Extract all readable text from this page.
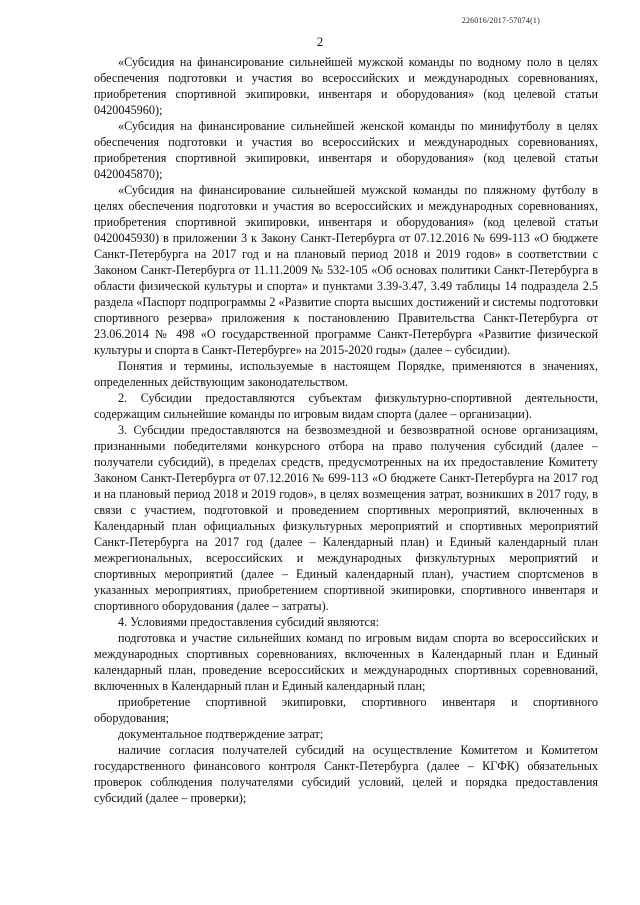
226016/2017-57074(1)
2

«Субсидия на финансирование сильнейшей мужской команды по водному поло в целях обеспечения подготовки и участия во всероссийских и международных соревнованиях, приобретения спортивной экипировки, инвентаря и оборудования» (код целевой статьи 0420045960);

«Субсидия на финансирование сильнейшей женской команды по минифутболу в целях обеспечения подготовки и участия во всероссийских и международных соревнованиях, приобретения спортивной экипировки, инвентаря и оборудования» (код целевой статьи 0420045870);

«Субсидия на финансирование сильнейшей мужской команды по пляжному футболу в целях обеспечения подготовки и участия во всероссийских и международных соревнованиях, приобретения спортивной экипировки, инвентаря и оборудования» (код целевой статьи 0420045930) в приложении 3 к Закону Санкт-Петербурга от 07.12.2016 № 699-113 «О бюджете Санкт-Петербурга на 2017 год и на плановый период 2018 и 2019 годов» в соответствии с Законом Санкт-Петербурга от 11.11.2009 № 532-105 «Об основах политики Санкт-Петербурга в области физической культуры и спорта» и пунктами 3.39-3.47, 3.49 таблицы 14 подраздела 2.5 раздела «Паспорт подпрограммы 2 «Развитие спорта высших достижений и системы подготовки спортивного резерва» приложения к постановлению Правительства Санкт-Петербурга от 23.06.2014 № 498 «О государственной программе Санкт-Петербурга «Развитие физической культуры и спорта в Санкт-Петербурге» на 2015-2020 годы» (далее – субсидии).

Понятия и термины, используемые в настоящем Порядке, применяются в значениях, определенных действующим законодательством.

2. Субсидии предоставляются субъектам физкультурно-спортивной деятельности, содержащим сильнейшие команды по игровым видам спорта (далее – организации).

3. Субсидии предоставляются на безвозмездной и безвозвратной основе организациям, признанными победителями конкурсного отбора на право получения субсидий (далее – получатели субсидий), в пределах средств, предусмотренных на их предоставление Комитету Законом Санкт-Петербурга от 07.12.2016 № 699-113 «О бюджете Санкт-Петербурга на 2017 год и на плановый период 2018 и 2019 годов», в целях возмещения затрат, возникших в 2017 году, в связи с участием, подготовкой и проведением спортивных мероприятий, включенных в Календарный план официальных физкультурных мероприятий и спортивных мероприятий Санкт-Петербурга на 2017 год (далее – Календарный план) и Единый календарный план межрегиональных, всероссийских и международных физкультурных мероприятий и спортивных мероприятий (далее – Единый календарный план), участием спортсменов в указанных мероприятиях, приобретением спортивной экипировки, спортивного инвентаря и спортивного оборудования (далее – затраты).

4. Условиями предоставления субсидий являются:

подготовка и участие сильнейших команд по игровым видам спорта во всероссийских и международных спортивных соревнованиях, включенных в Календарный план и Единый календарный план, проведение всероссийских и международных спортивных соревнований, включенных в Календарный план и Единый календарный план;

приобретение спортивной экипировки, спортивного инвентаря и спортивного оборудования;

документальное подтверждение затрат;

наличие согласия получателей субсидий на осуществление Комитетом и Комитетом государственного финансового контроля Санкт-Петербурга (далее – КГФК) обязательных проверок соблюдения получателями субсидий условий, целей и порядка предоставления субсидий (далее – проверки);
